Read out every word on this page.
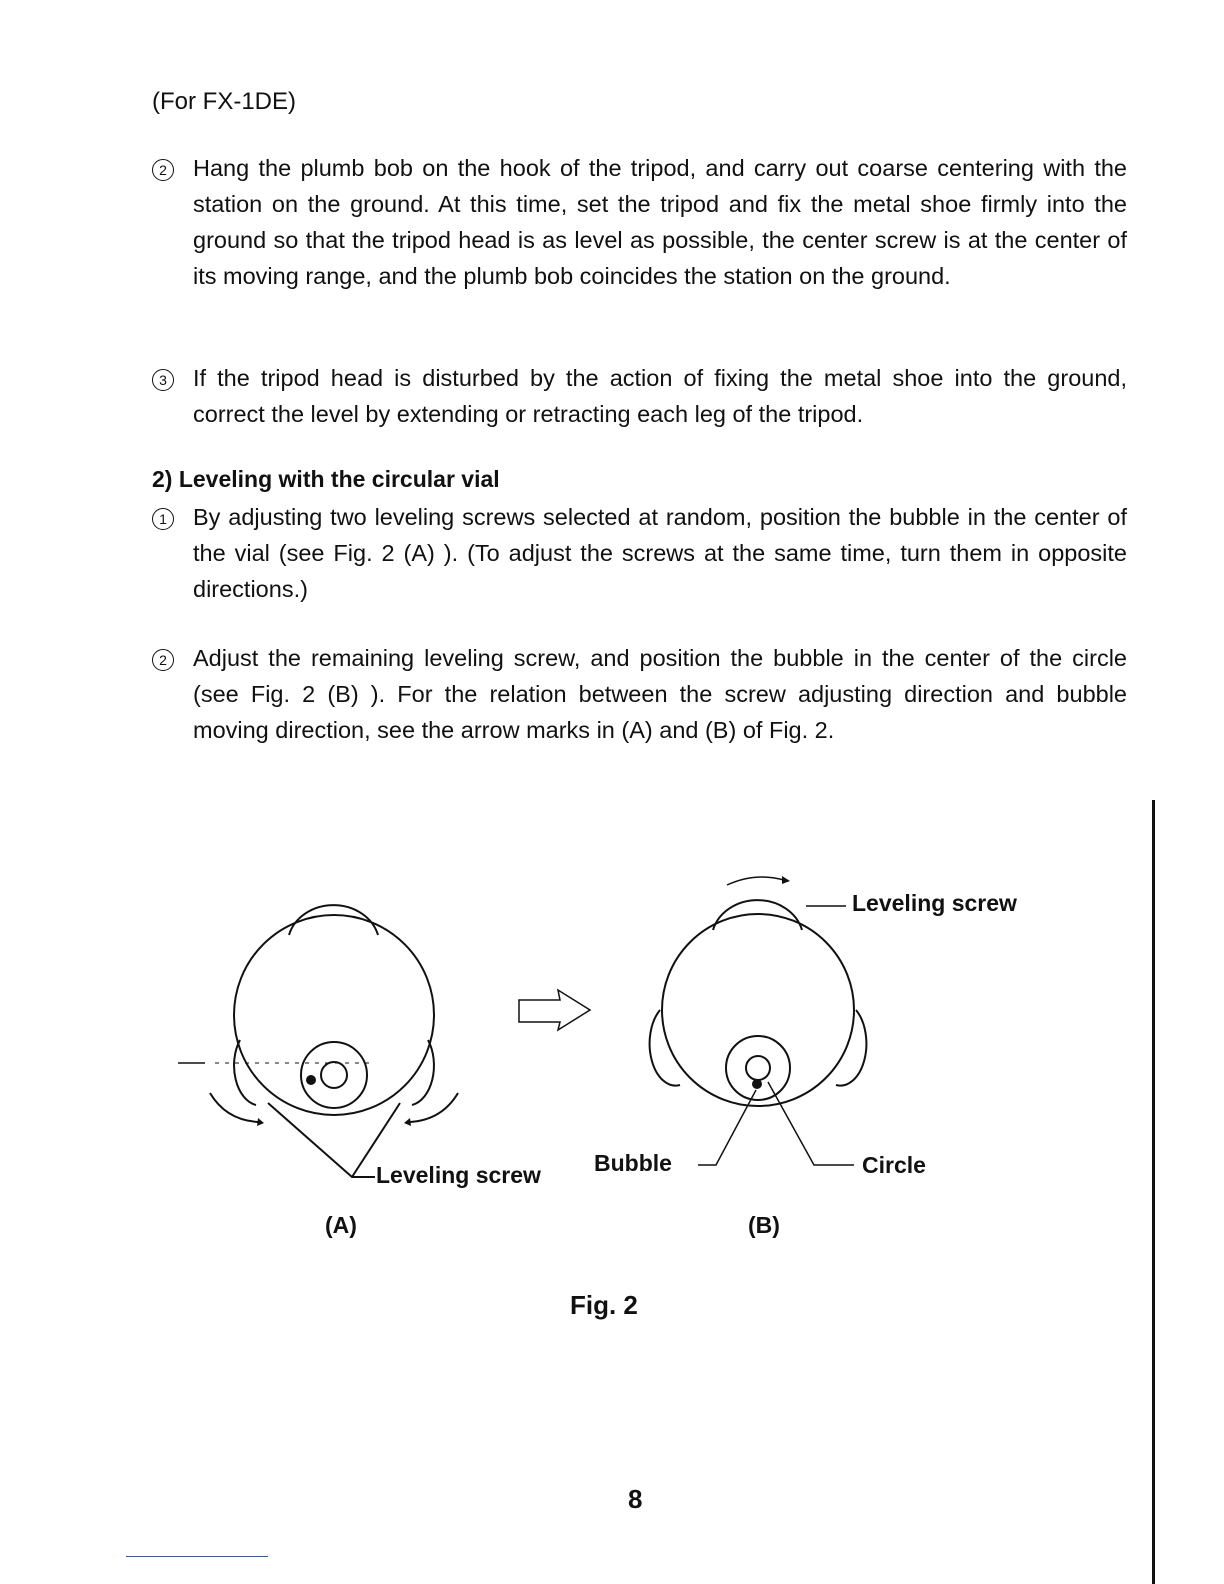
(For FX-1DE)
2	Hang the plumb bob on the hook of the tripod, and carry out coarse centering with the station on the ground. At this time, set the tripod and fix the metal shoe firmly into the ground so that the tripod head is as level as possible, the center screw is at the center of its moving range, and the plumb bob coincides the station on the ground.
3	If the tripod head is disturbed by the action of fixing the metal shoe into the ground, correct the level by extending or retracting each leg of the tripod.
2) Leveling with the circular vial
1	By adjusting two leveling screws selected at random, position the bubble in the center of the vial (see Fig. 2 (A) ). (To adjust the screws at the same time, turn them in opposite directions.)
2	Adjust the remaining leveling screw, and position the bubble in the center of the circle (see Fig. 2 (B) ). For the relation between the screw adjusting direction and bubble moving direction, see the arrow marks in (A) and (B) of Fig. 2.
Leveling screw
Leveling screw Bubble	Circle
(A)	(B)
Fig. 2
8
